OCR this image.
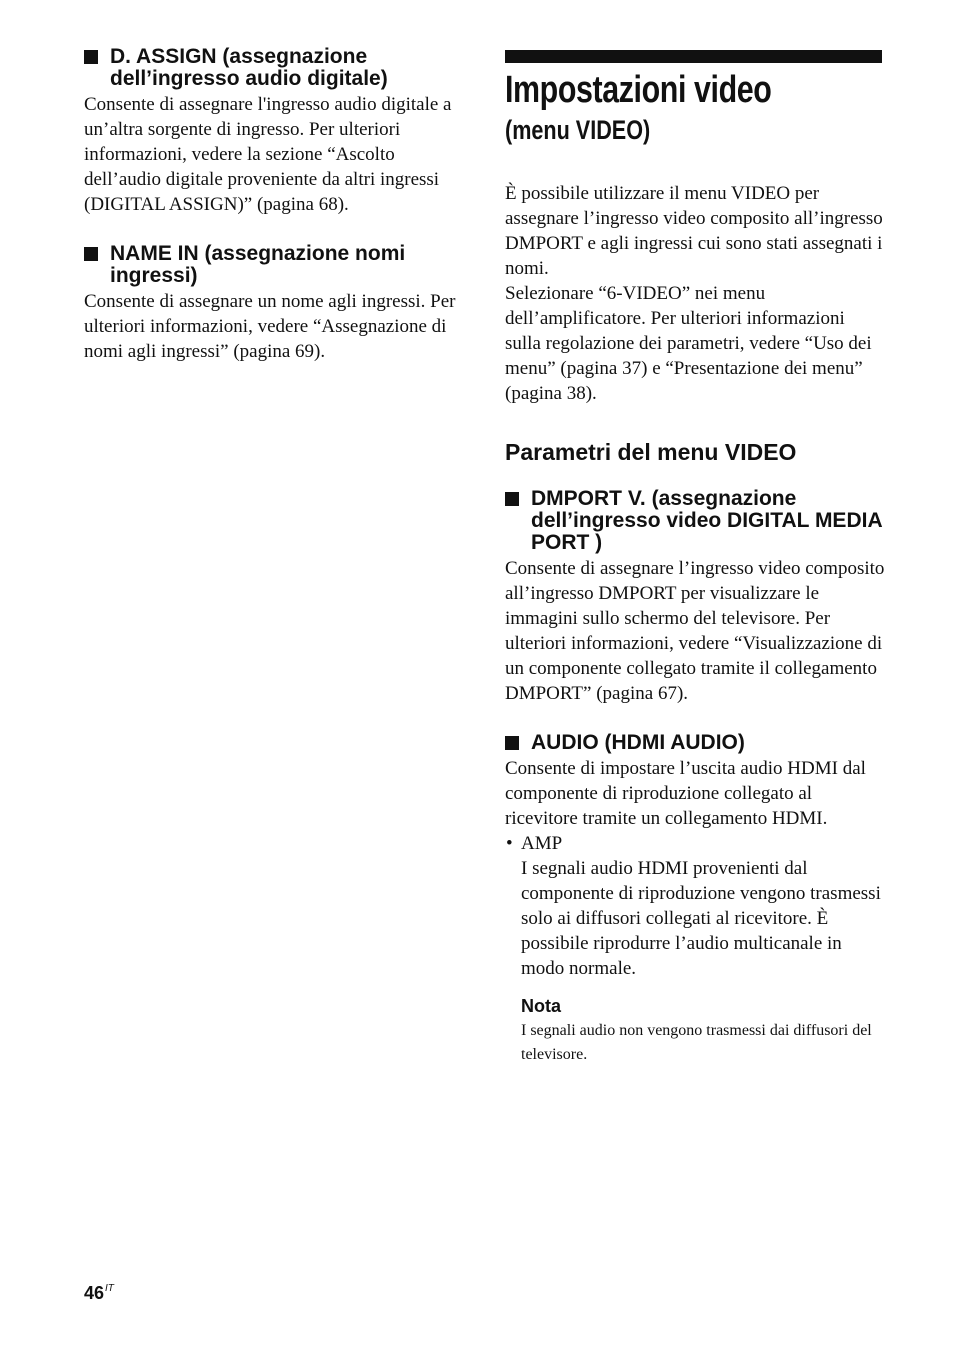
D. ASSIGN (assegnazione dell’ingresso audio digitale)

Consente di assegnare l'ingresso audio digitale a un’altra sorgente di ingresso. Per ulteriori informazioni, vedere la sezione “Ascolto dell’audio digitale proveniente da altri ingressi (DIGITAL ASSIGN)” (pagina 68).

NAME IN (assegnazione nomi ingressi)

Consente di assegnare un nome agli ingressi. Per ulteriori informazioni, vedere “Assegnazione di nomi agli ingressi” (pagina 69).

Impostazioni video
(menu VIDEO)

È possibile utilizzare il menu VIDEO per assegnare l’ingresso video composito all’ingresso DMPORT e agli ingressi cui sono stati assegnati i nomi.

Selezionare “6-VIDEO” nei menu dell’amplificatore. Per ulteriori informazioni sulla regolazione dei parametri, vedere “Uso dei menu” (pagina 37) e “Presentazione dei menu” (pagina 38).

Parametri del menu VIDEO
DMPORT V. (assegnazione dell’ingresso video DIGITAL MEDIA PORT )

Consente di assegnare l’ingresso video composito all’ingresso DMPORT per visualizzare le immagini sullo schermo del televisore. Per ulteriori informazioni, vedere “Visualizzazione di un componente collegato tramite il collegamento DMPORT” (pagina 67).

AUDIO (HDMI AUDIO)

Consente di impostare l’uscita audio HDMI dal componente di riproduzione collegato al ricevitore tramite un collegamento HDMI.

• AMP

I segnali audio HDMI provenienti dal componente di riproduzione vengono trasmessi solo ai diffusori collegati al ricevitore. È possibile riprodurre l’audio multicanale in modo normale.

Nota

I segnali audio non vengono trasmessi dai diffusori del televisore.

$46^{IT}$
